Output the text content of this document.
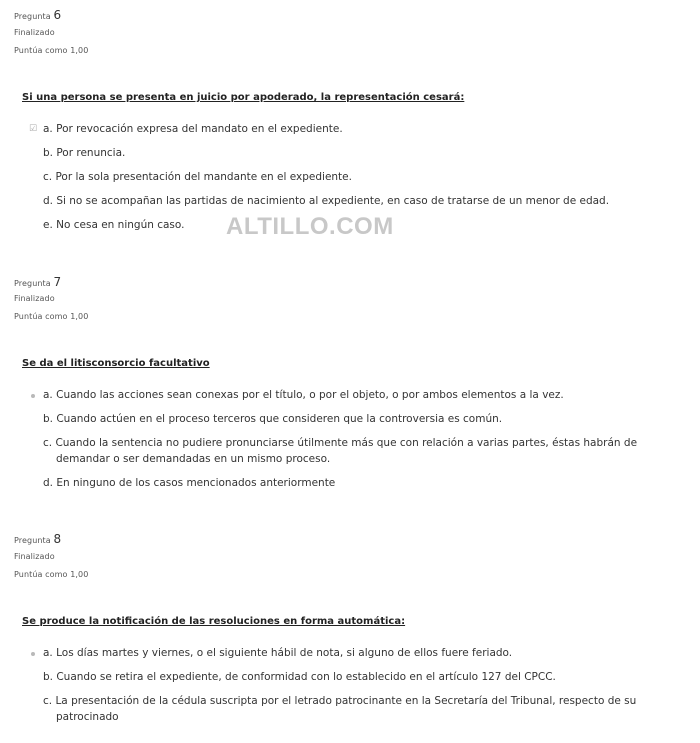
Pregunta 6
Finalizado
Puntúa como 1,00
Si una persona se presenta en juicio por apoderado, la representación cesará:
☑ a. Por revocación expresa del mandato en el expediente.
b. Por renuncia.
c. Por la sola presentación del mandante en el expediente.
d. Si no se acompañan las partidas de nacimiento al expediente, en caso de tratarse de un menor de edad.
e. No cesa en ningún caso. ALTILLO.COM
Pregunta 7
Finalizado
Puntúa como 1,00
Se da el litisconsorcio facultativo
a. Cuando las acciones sean conexas por el título, o por el objeto, o por ambos elementos a la vez.
b. Cuando actúen en el proceso terceros que consideren que la controversia es común.
c. Cuando la sentencia no pudiere pronunciarse útilmente más que con relación a varias partes, éstas habrán de
demandar o ser demandadas en un mismo proceso.
d. En ninguno de los casos mencionados anteriormente
Pregunta 8
Finalizado
Puntúa como 1,00
Se produce la notificación de las resoluciones en forma automática:
a. Los días martes y viernes, o el siguiente hábil de nota, si alguno de ellos fuere feriado.
b. Cuando se retira el expediente, de conformidad con lo establecido en el artículo 127 del CPCC.
c. La presentación de la cédula suscripta por el letrado patrocinante en la Secretaría del Tribunal, respecto de su
patrocinado
